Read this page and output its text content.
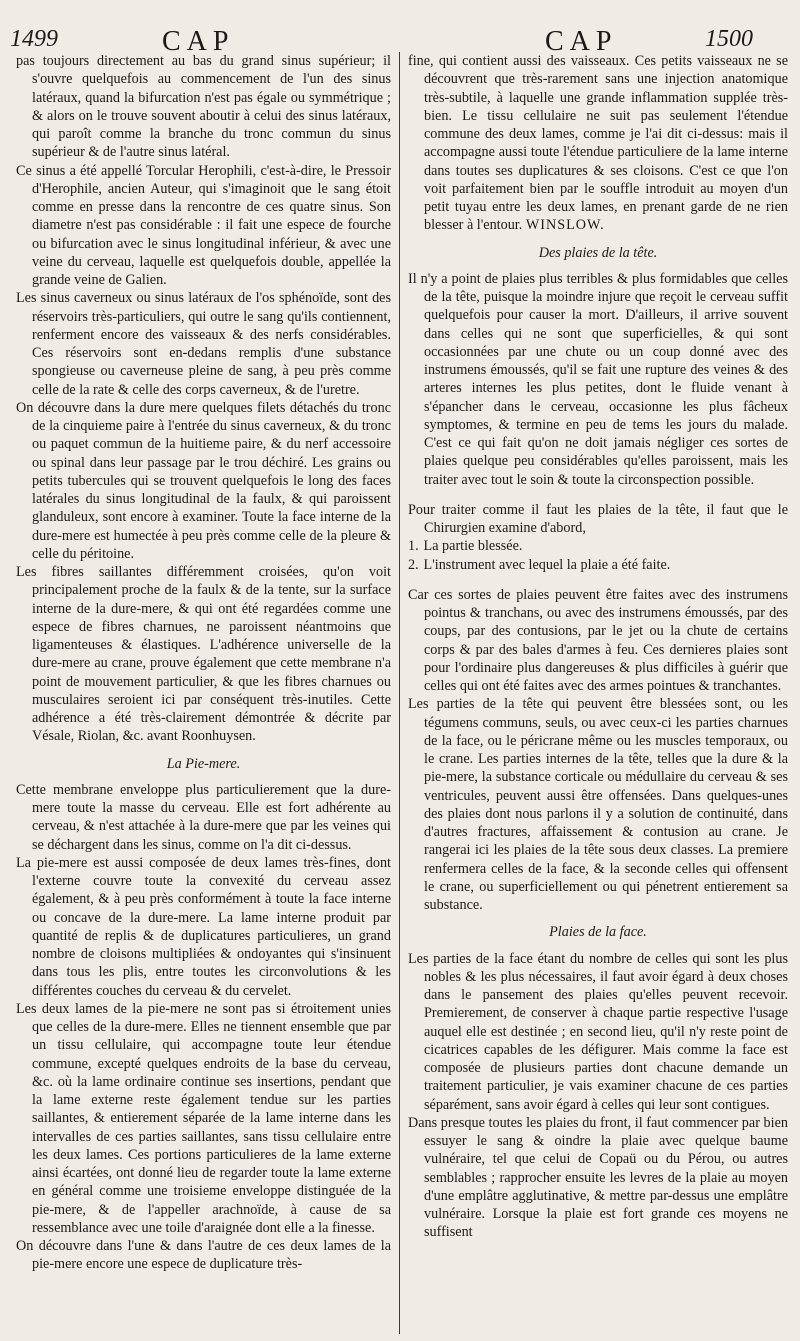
1499	CAP	CAP	1500

pas toujours directement au bas du grand sinus supérieur; il s'ouvre quelquefois au commencement de l'un des sinus latéraux, quand la bifurcation n'est pas égale ou symmétrique ; & alors on le trouve souvent aboutir à celui des sinus latéraux, qui paroît comme la branche du tronc commun du sinus supérieur & de l'autre sinus latéral.

Ce sinus a été appellé Torcular Herophili, c'est-à-dire, le Pressoir d'Herophile, ancien Auteur, qui s'imaginoit que le sang étoit comme en presse dans la rencontre de ces quatre sinus. Son diametre n'est pas considérable : il fait une espece de fourche ou bifurcation avec le sinus longitudinal inférieur, & avec une veine du cerveau, laquelle est quelquefois double, appellée la grande veine de Galien.

Les sinus caverneux ou sinus latéraux de l'os sphénoïde, sont des réservoirs très-particuliers, qui outre le sang qu'ils contiennent, renferment encore des vaisseaux & des nerfs considérables. Ces réservoirs sont en-dedans remplis d'une substance spongieuse ou caverneuse pleine de sang, à peu près comme celle de la rate & celle des corps caverneux, & de l'uretre.

On découvre dans la dure mere quelques filets détachés du tronc de la cinquieme paire à l'entrée du sinus caverneux, & du tronc ou paquet commun de la huitieme paire, & du nerf accessoire ou spinal dans leur passage par le trou déchiré. Les grains ou petits tubercules qui se trouvent quelquefois le long des faces latérales du sinus longitudinal de la faulx, & qui paroissent glanduleux, sont encore à examiner. Toute la face interne de la dure-mere est humectée à peu près comme celle de la pleure & celle du péritoine.

Les fibres saillantes différemment croisées, qu'on voit principalement proche de la faulx & de la tente, sur la surface interne de la dure-mere, & qui ont été regardées comme une espece de fibres charnues, ne paroissent néantmoins que ligamenteuses & élastiques. L'adhérence universelle de la dure-mere au crane, prouve également que cette membrane n'a point de mouvement particulier, & que les fibres charnues ou musculaires seroient ici par conséquent très-inutiles. Cette adhérence a été très-clairement démontrée & décrite par Vésale, Riolan, &c. avant Roonhuysen.

La Pie-mere.

Cette membrane enveloppe plus particulierement que la dure-mere toute la masse du cerveau. Elle est fort adhérente au cerveau, & n'est attachée à la dure-mere que par les veines qui se déchargent dans les sinus, comme on l'a dit ci-dessus.

La pie-mere est aussi composée de deux lames très-fines, dont l'externe couvre toute la convexité du cerveau assez également, & à peu près conformément à toute la face interne ou concave de la dure-mere. La lame interne produit par quantité de replis & de duplicatures particulieres, un grand nombre de cloisons multipliées & ondoyantes qui s'insinuent dans tous les plis, entre toutes les circonvolutions & les différentes couches du cerveau & du cervelet.

Les deux lames de la pie-mere ne sont pas si étroitement unies que celles de la dure-mere. Elles ne tiennent ensemble que par un tissu cellulaire, qui accompagne toute leur étendue commune, excepté quelques endroits de la base du cerveau, &c. où la lame ordinaire continue ses insertions, pendant que la lame externe reste également tendue sur les parties saillantes, & entierement séparée de la lame interne dans les intervalles de ces parties saillantes, sans tissu cellulaire entre les deux lames. Ces portions particulieres de la lame externe ainsi écartées, ont donné lieu de regarder toute la lame externe en général comme une troisieme enveloppe distinguée de la pie-mere, & de l'appeller arachnoïde, à cause de sa ressemblance avec une toile d'araignée dont elle a la finesse.

On découvre dans l'une & dans l'autre de ces deux lames de la pie-mere encore une espece de duplicature très-

fine, qui contient aussi des vaisseaux. Ces petits vaisseaux ne se découvrent que très-rarement sans une injection anatomique très-subtile, à laquelle une grande inflammation supplée très-bien. Le tissu cellulaire ne suit pas seulement l'étendue commune des deux lames, comme je l'ai dit ci-dessus: mais il accompagne aussi toute l'étendue particuliere de la lame interne dans toutes ses duplicatures & ses cloisons. C'est ce que l'on voit parfaitement bien par le souffle introduit au moyen d'un petit tuyau entre les deux lames, en prenant garde de ne rien blesser à l'entour. WINSLOW.

Des plaies de la tête.

Il n'y a point de plaies plus terribles & plus formidables que celles de la tête, puisque la moindre injure que reçoit le cerveau suffit quelquefois pour causer la mort. D'ailleurs, il arrive souvent dans celles qui ne sont que superficielles, & qui sont occasionnées par une chute ou un coup donné avec des instrumens émoussés, qu'il se fait une rupture des veines & des arteres internes les plus petites, dont le fluide venant à s'épancher dans le cerveau, occasionne les plus fâcheux symptomes, & termine en peu de tems les jours du malade. C'est ce qui fait qu'on ne doit jamais négliger ces sortes de plaies quelque peu considérables qu'elles paroissent, mais les traiter avec tout le soin & toute la circonspection possible.

Pour traiter comme il faut les plaies de la tête, il faut que le Chirurgien examine d'abord,

1. La partie blessée.

2. L'instrument avec lequel la plaie a été faite.

Car ces sortes de plaies peuvent être faites avec des instrumens pointus & tranchans, ou avec des instrumens émoussés, par des coups, par des contusions, par le jet ou la chute de certains corps & par des bales d'armes à feu. Ces dernieres plaies sont pour l'ordinaire plus dangereuses & plus difficiles à guérir que celles qui ont été faites avec des armes pointues & tranchantes.

Les parties de la tête qui peuvent être blessées sont, ou les tégumens communs, seuls, ou avec ceux-ci les parties charnues de la face, ou le péricrane même ou les muscles temporaux, ou le crane. Les parties internes de la tête, telles que la dure & la pie-mere, la substance corticale ou médullaire du cerveau & ses ventricules, peuvent aussi être offensées. Dans quelques-unes des plaies dont nous parlons il y a solution de continuité, dans d'autres fractures, affaissement & contusion au crane. Je rangerai ici les plaies de la tête sous deux classes. La premiere renfermera celles de la face, & la seconde celles qui offensent le crane, ou superficiellement ou qui pénetrent entierement sa substance.

Plaies de la face.

Les parties de la face étant du nombre de celles qui sont les plus nobles & les plus nécessaires, il faut avoir égard à deux choses dans le pansement des plaies qu'elles peuvent recevoir. Premierement, de conserver à chaque partie respective l'usage auquel elle est destinée ; en second lieu, qu'il n'y reste point de cicatrices capables de les défigurer. Mais comme la face est composée de plusieurs parties dont chacune demande un traitement particulier, je vais examiner chacune de ces parties séparément, sans avoir égard à celles qui leur sont contigues.

Dans presque toutes les plaies du front, il faut commencer par bien essuyer le sang & oindre la plaie avec quelque baume vulnéraire, tel que celui de Copaü ou du Pérou, ou autres semblables ; rapprocher ensuite les levres de la plaie au moyen d'une emplâtre agglutinative, & mettre par-dessus une emplâtre vulnéraire. Lorsque la plaie est fort grande ces moyens ne suffisent
